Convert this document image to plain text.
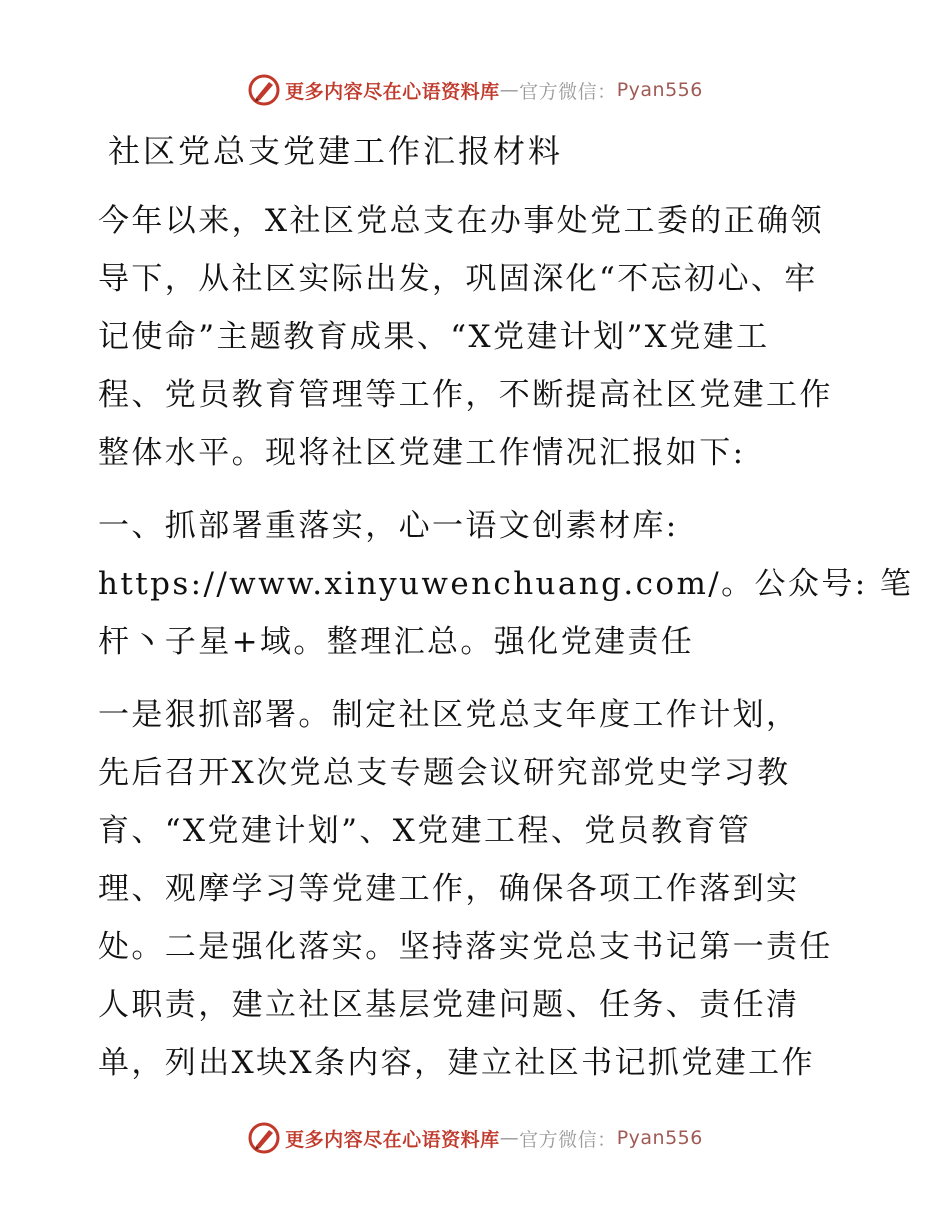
更多内容尽在心语资料库 — 官方微信 ： Pyan556
社区党总支党建工作汇报材料
今年以来，X社区党总支在办事处党工委的正确领
导下，从社区实际出发，巩固深化“不忘初心、牢
记使命”主题教育成果、“X党建计划”X党建工
程、党员教育管理等工作，不断提高社区党建工作
整体水平。现将社区党建工作情况汇报如下:
一、抓部署重落实，心一语文创素材库:
https://www.xinyuwenchuang.com/。公众号: 笔
杆丶子星+域。整理汇总。强化党建责任
一是狠抓部署。制定社区党总支年度工作计划，
先后召开X次党总支专题会议研究部党史学习教
育、“X党建计划”、X党建工程、党员教育管
理、观摩学习等党建工作，确保各项工作落到实
处。二是强化落实。坚持落实党总支书记第一责任
人职责，建立社区基层党建问题、任务、责任清
单，列出X块X条内容，建立社区书记抓党建工作
更多内容尽在心语资料库 — 官方微信 ： Pyan556
